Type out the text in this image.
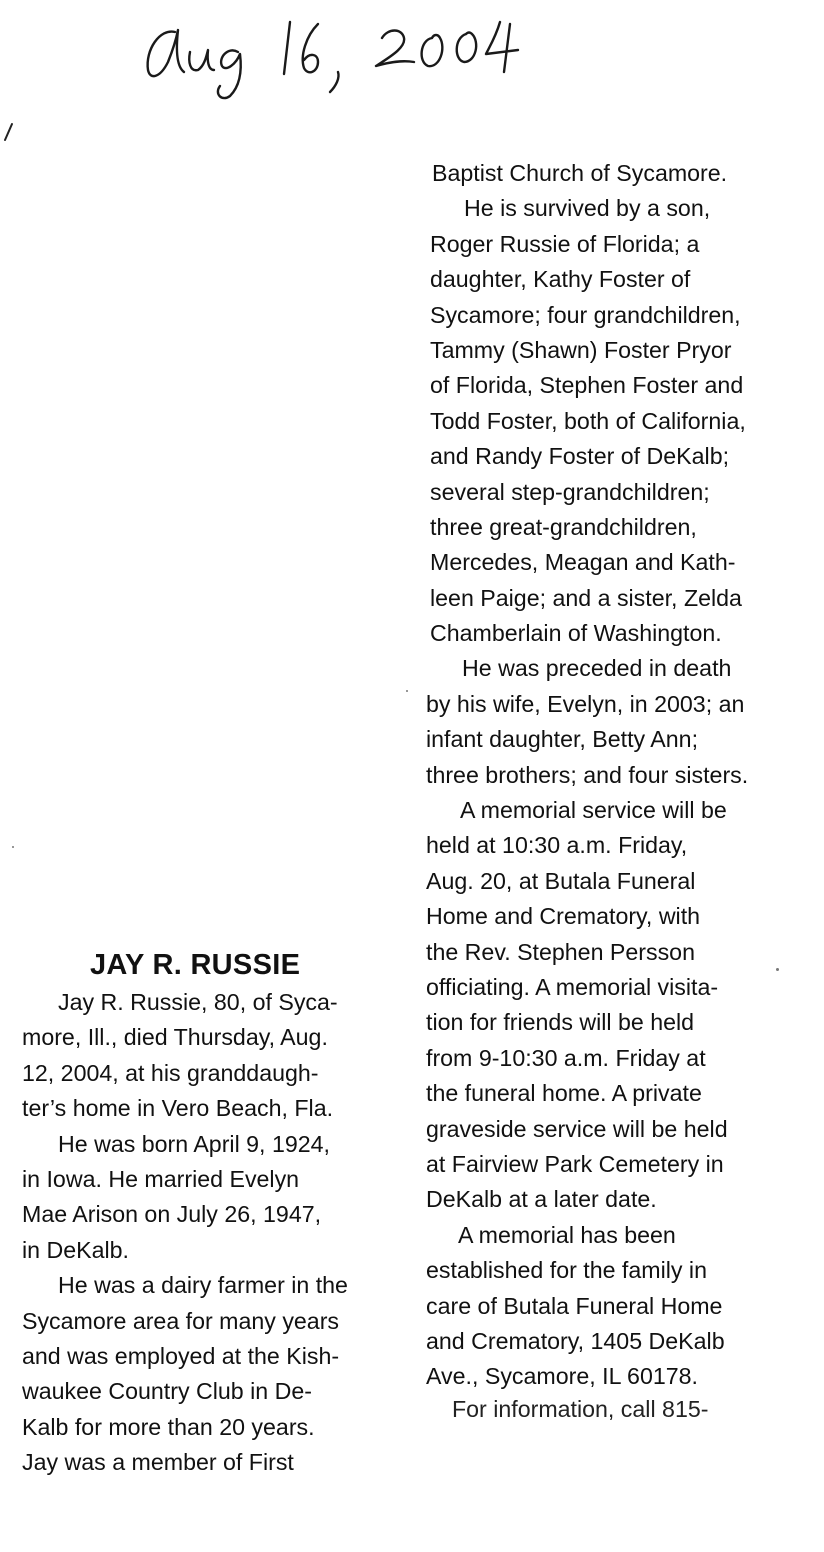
JAY R. RUSSIE
Jay R. Russie, 80, of Syca-
more, Ill., died Thursday, Aug.
12, 2004, at his granddaugh-
ter’s home in Vero Beach, Fla.
He was born April 9, 1924,
in Iowa. He married Evelyn
Mae Arison on July 26, 1947,
in DeKalb.
He was a dairy farmer in the
Sycamore area for many years
and was employed at the Kish-
waukee Country Club in De-
Kalb for more than 20 years.
Jay was a member of First
Baptist Church of Sycamore.
He is survived by a son,
Roger Russie of Florida; a
daughter, Kathy Foster of
Sycamore; four grandchildren,
Tammy (Shawn) Foster Pryor
of Florida, Stephen Foster and
Todd Foster, both of California,
and Randy Foster of DeKalb;
several step-grandchildren;
three great-grandchildren,
Mercedes, Meagan and Kath-
leen Paige; and a sister, Zelda
Chamberlain of Washington.
He was preceded in death
by his wife, Evelyn, in 2003; an
infant daughter, Betty Ann;
three brothers; and four sisters.
A memorial service will be
held at 10:30 a.m. Friday,
Aug. 20, at Butala Funeral
Home and Crematory, with
the Rev. Stephen Persson
officiating. A memorial visita-
tion for friends will be held
from 9-10:30 a.m. Friday at
the funeral home. A private
graveside service will be held
at Fairview Park Cemetery in
DeKalb at a later date.
A memorial has been
established for the family in
care of Butala Funeral Home
and Crematory, 1405 DeKalb
Ave., Sycamore, IL 60178.
For information, call 815-
